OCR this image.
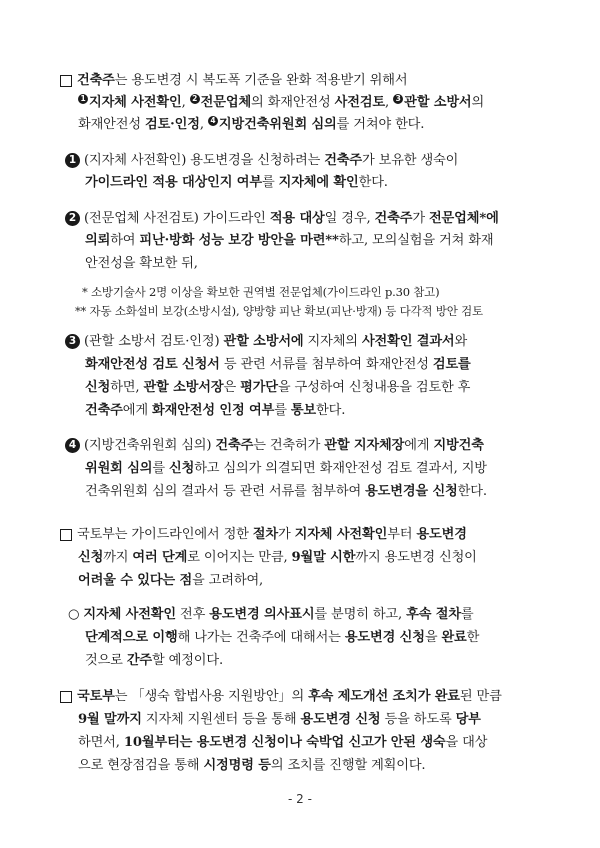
건축주는 용도변경 시 복도폭 기준을 완화 적용받기 위해서
1 지자체 사전확인, 2 전문업체의 화재안전성 사전검토, 3 관할 소방서의
화재안전성 검토·인정, 4 지방건축위원회 심의를 거쳐야 한다.
1 (지자체 사전확인) 용도변경을 신청하려는 건축주가 보유한 생숙이
가이드라인 적용 대상인지 여부를 지자체에 확인한다.
2 (전문업체 사전검토) 가이드라인 적용 대상일 경우, 건축주가 전문업체*에
의뢰하여 피난·방화 성능 보강 방안을 마련**하고, 모의실험을 거쳐 화재
안전성을 확보한 뒤,
* 소방기술사 2명 이상을 확보한 권역별 전문업체(가이드라인 p.30 참고)
** 자동 소화설비 보강(소방시설), 양방향 피난 확보(피난·방재) 등 다각적 방안 검토
3 (관할 소방서 검토·인정) 관할 소방서에 지자체의 사전확인 결과서와
화재안전성 검토 신청서 등 관련 서류를 첨부하여 화재안전성 검토를
신청하면, 관할 소방서장은 평가단을 구성하여 신청내용을 검토한 후
건축주에게 화재안전성 인정 여부를 통보한다.
4 (지방건축위원회 심의) 건축주는 건축허가 관할 지자체장에게 지방건축
위원회 심의를 신청하고 심의가 의결되면 화재안전성 검토 결과서, 지방
건축위원회 심의 결과서 등 관련 서류를 첨부하여 용도변경을 신청한다.
국토부는 가이드라인에서 정한 절차가 지자체 사전확인부터 용도변경
신청까지 여러 단계로 이어지는 만큼, 9월말 시한까지 용도변경 신청이
어려울 수 있다는 점을 고려하여,
○ 지자체 사전확인 전후 용도변경 의사표시를 분명히 하고, 후속 절차를
단계적으로 이행해 나가는 건축주에 대해서는 용도변경 신청을 완료한
것으로 간주할 예정이다.
국토부는 「생숙 합법사용 지원방안」의 후속 제도개선 조치가 완료된 만큼
9월 말까지 지자체 지원센터 등을 통해 용도변경 신청 등을 하도록 당부
하면서, 10월부터는 용도변경 신청이나 숙박업 신고가 안된 생숙을 대상
으로 현장점검을 통해 시정명령 등의 조치를 진행할 계획이다.
- 2 -
